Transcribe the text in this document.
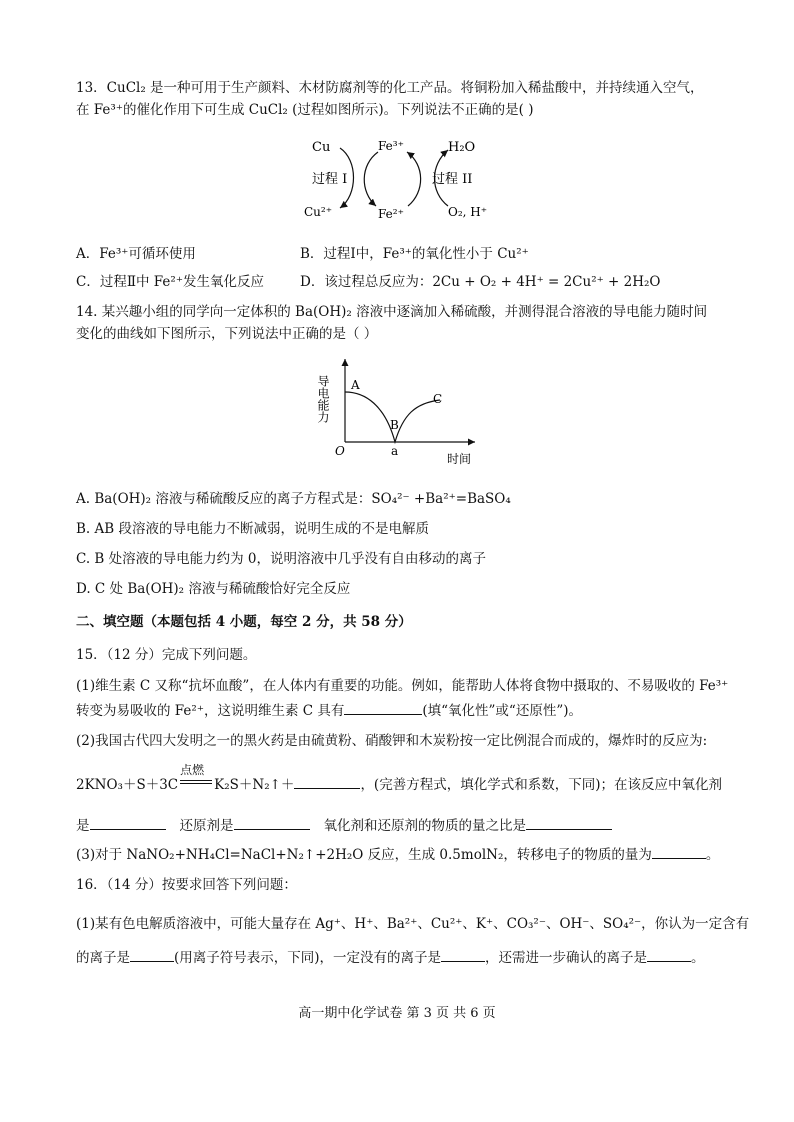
13．CuCl₂ 是一种可用于生产颜料、木材防腐剂等的化工产品。将铜粉加入稀盐酸中，并持续通入空气，
在 Fe³⁺的催化作用下可生成 CuCl₂ (过程如图所示)。下列说法不正确的是( )
Cu
Cu²⁺
Fe³⁺
Fe²⁺
H₂O
O₂, H⁺
过程 I	过程 II
A．Fe³⁺可循环使用	B．过程Ⅰ中，Fe³⁺的氧化性小于 Cu²⁺
C．过程Ⅱ中 Fe²⁺发生氧化反应	D．该过程总反应为：2Cu + O₂ + 4H⁺ = 2Cu²⁺ + 2H₂O
14. 某兴趣小组的同学向一定体积的 Ba(OH)₂ 溶液中逐滴加入稀硫酸，并测得混合溶液的导电能力随时间
变化的曲线如下图所示，下列说法中正确的是（ ）
导电能力
O
A
B
C
a
时间
A. Ba(OH)₂ 溶液与稀硫酸反应的离子方程式是：SO₄²⁻ +Ba²⁺=BaSO₄
B. AB 段溶液的导电能力不断减弱，说明生成的不是电解质
C. B 处溶液的导电能力约为 0，说明溶液中几乎没有自由移动的离子
D. C 处 Ba(OH)₂ 溶液与稀硫酸恰好完全反应
二、填空题（本题包括 4 小题，每空 2 分，共 58 分）
15．（12 分）完成下列问题。
(1)维生素 C 又称“抗坏血酸”，在人体内有重要的功能。例如，能帮助人体将食物中摄取的、不易吸收的 Fe³⁺
转变为易吸收的 Fe²⁺，这说明维生素 C 具有	(填“氧化性”或“还原性”)。
(2)我国古代四大发明之一的黑火药是由硫黄粉、硝酸钾和木炭粉按一定比例混合而成的，爆炸时的反应为:
2KNO₃＋S＋3C
点燃
K₂S＋N₂↑＋	，(完善方程式，填化学式和系数，下同)；在该反应中氧化剂
是	还原剂是	氧化剂和还原剂的物质的量之比是
(3)对于 NaNO₂+NH₄Cl=NaCl+N₂↑+2H₂O 反应，生成 0.5molN₂，转移电子的物质的量为	。
16．（14 分）按要求回答下列问题：
(1)某有色电解质溶液中，可能大量存在 Ag⁺、H⁺、Ba²⁺、Cu²⁺、K⁺、CO₃²⁻、OH⁻、SO₄²⁻，你认为一定含有
的离子是	(用离子符号表示，下同)，一定没有的离子是	，还需进一步确认的离子是	。
高一期中化学试卷 第 3 页 共 6 页
